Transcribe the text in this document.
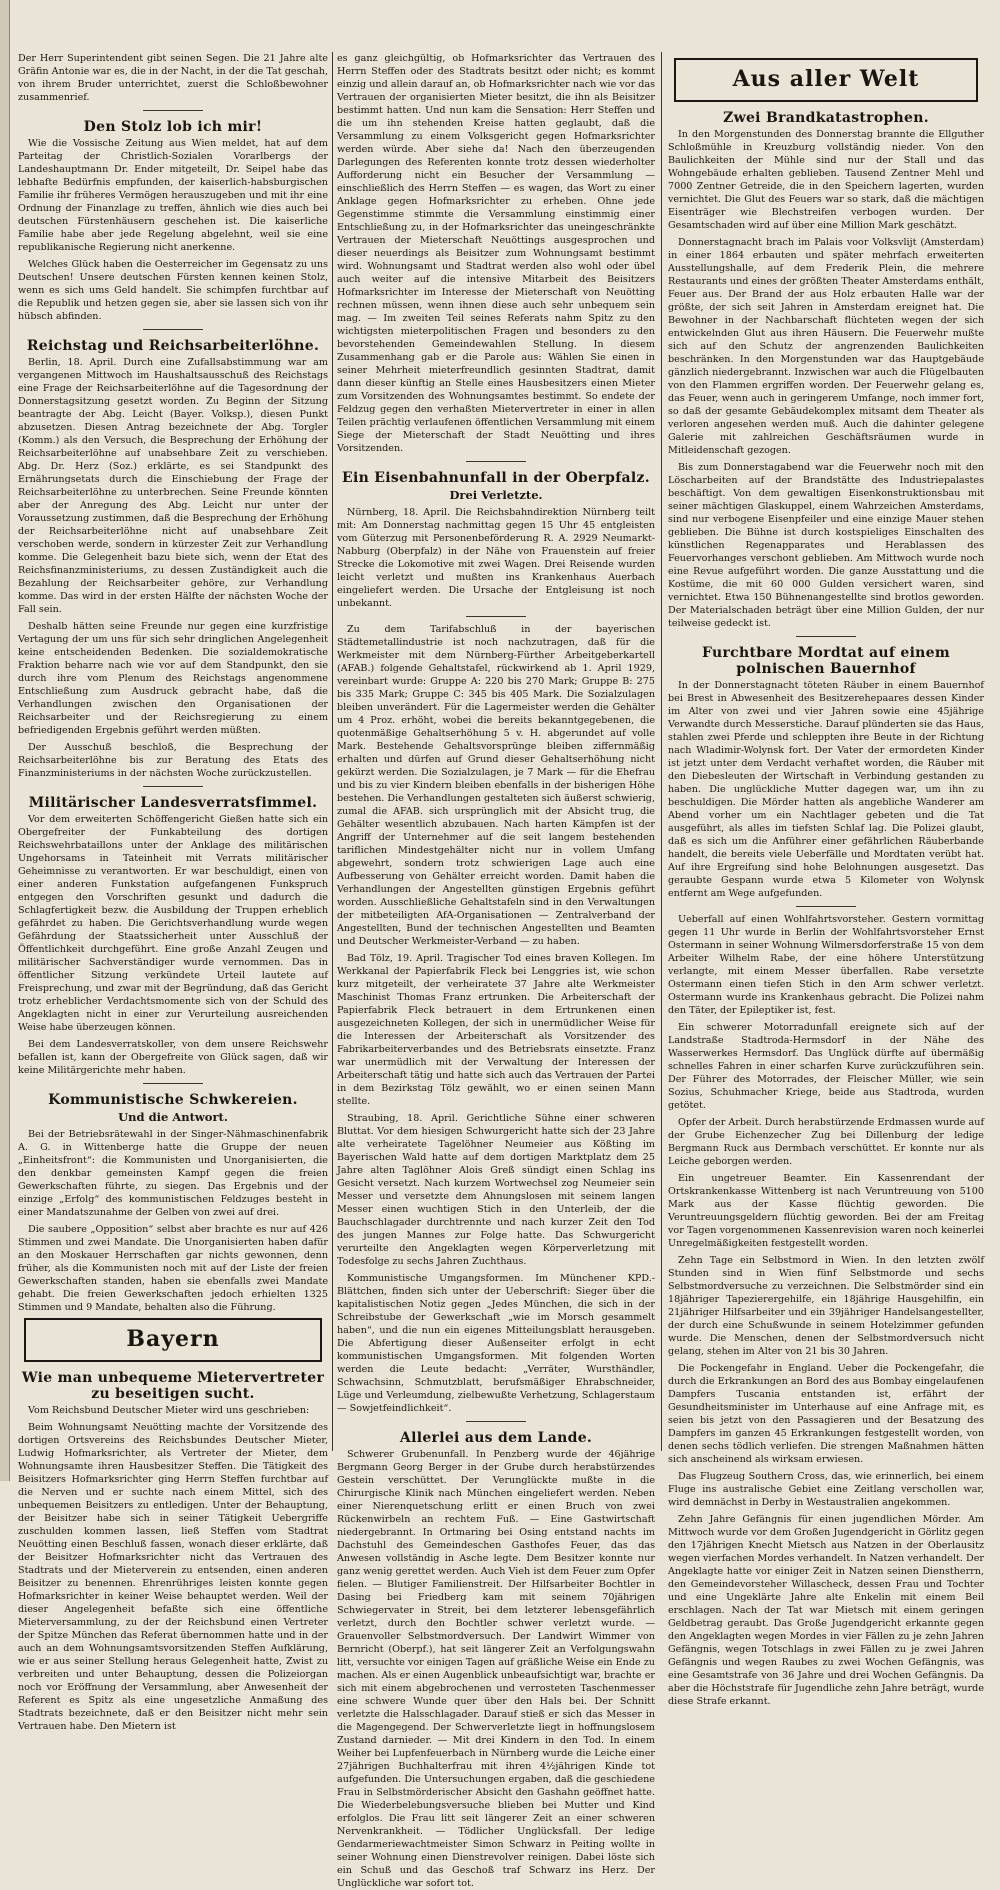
Der Herr Superintendent gibt seinen Segen. Die 21 Jahre alte Gräfin Antonie war es, die in der Nacht, in der die Tat geschah, von ihrem Bruder unterrichtet, zuerst die Schloßbewohner zusammenrief.

Den Stolz lob ich mir!

Wie die Vossische Zeitung aus Wien meldet, hat auf dem Parteitag der Christlich-Sozialen Vorarlbergs der Landeshauptmann Dr. Ender mitgeteilt, Dr. Seipel habe das lebhafte Bedürfnis empfunden, der kaiserlich-habsburgischen Familie ihr früheres Vermögen herauszugeben und mit ihr eine Ordnung der Finanzlage zu treffen, ähnlich wie dies auch bei deutschen Fürstenhäusern geschehen ist. Die kaiserliche Familie habe aber jede Regelung abgelehnt, weil sie eine republikanische Regierung nicht anerkenne.

Welches Glück haben die Oesterreicher im Gegensatz zu uns Deutschen! Unsere deutschen Fürsten kennen keinen Stolz, wenn es sich ums Geld handelt. Sie schimpfen furchtbar auf die Republik und hetzen gegen sie, aber sie lassen sich von ihr hübsch abfinden.

Reichstag und Reichsarbeiterlöhne.

Berlin, 18. April. Durch eine Zufallsabstimmung war am vergangenen Mittwoch im Haushaltsausschuß des Reichstags eine Frage der Reichsarbeiterlöhne auf die Tagesordnung der Donnerstagsitzung gesetzt worden. Zu Beginn der Sitzung beantragte der Abg. Leicht (Bayer. Volksp.), diesen Punkt abzusetzen. Diesen Antrag bezeichnete der Abg. Torgler (Komm.) als den Versuch, die Besprechung der Erhöhung der Reichsarbeiterlöhne auf unabsehbare Zeit zu verschieben. Abg. Dr. Herz (Soz.) erklärte, es sei Standpunkt des Ernährungsetats durch die Einschiebung der Frage der Reichsarbeiterlöhne zu unterbrechen. Seine Freunde könnten aber der Anregung des Abg. Leicht nur unter der Voraussetzung zustimmen, daß die Besprechung der Erhöhung der Reichsarbeiterlöhne nicht auf unabsehbare Zeit verschoben werde, sondern in kürzester Zeit zur Verhandlung komme. Die Gelegenheit bazu biete sich, wenn der Etat des Reichsfinanzministeriums, zu dessen Zuständigkeit auch die Bezahlung der Reichsarbeiter gehöre, zur Verhandlung komme. Das wird in der ersten Hälfte der nächsten Woche der Fall sein.

Deshalb hätten seine Freunde nur gegen eine kurzfristige Vertagung der um uns für sich sehr dringlichen Angelegenheit keine entscheidenden Bedenken. Die sozialdemokratische Fraktion beharre nach wie vor auf dem Standpunkt, den sie durch ihre vom Plenum des Reichstags angenommene Entschließung zum Ausdruck gebracht habe, daß die Verhandlungen zwischen den Organisationen der Reichsarbeiter und der Reichsregierung zu einem befriedigenden Ergebnis geführt werden müßten.

Der Ausschuß beschloß, die Besprechung der Reichsarbeiterlöhne bis zur Beratung des Etats des Finanzministeriums in der nächsten Woche zurückzustellen.

Militärischer Landesverratsfimmel.

Vor dem erweiterten Schöffengericht Gießen hatte sich ein Obergefreiter der Funkabteilung des dortigen Reichswehrbataillons unter der Anklage des militärischen Ungehorsams in Tateinheit mit Verrats militärischer Geheimnisse zu verantworten. Er war beschuldigt, einen von einer anderen Funkstation aufgefangenen Funkspruch entgegen den Vorschriften gesunkt und dadurch die Schlagfertigkeit bezw. die Ausbildung der Truppen erheblich gefährdet zu haben. Die Gerichtsverhandlung wurde wegen Gefährdung der Staatssicherheit unter Ausschluß der Öffentlichkeit durchgeführt. Eine große Anzahl Zeugen und militärischer Sachverständiger wurde vernommen. Das in öffentlicher Sitzung verkündete Urteil lautete auf Freisprechung, und zwar mit der Begründung, daß das Gericht trotz erheblicher Verdachtsmomente sich von der Schuld des Angeklagten nicht in einer zur Verurteilung ausreichenden Weise habe überzeugen können.

Bei dem Landesverratskoller, von dem unsere Reichswehr befallen ist, kann der Obergefreite von Glück sagen, daß wir keine Militärgerichte mehr haben.

Kommunistische Schwkereien.
Und die Antwort.

Bei der Betriebsrätewahl in der Singer-Nähmaschinenfabrik A. G. in Wittenberge hatte die Gruppe der neuen „Einheitsfront“: die Kommunisten und Unorganisierten, die den denkbar gemeinsten Kampf gegen die freien Gewerkschaften führte, zu siegen. Das Ergebnis und der einzige „Erfolg“ des kommunistischen Feldzuges besteht in einer Mandatszunahme der Gelben von zwei auf drei.

Die saubere „Opposition“ selbst aber brachte es nur auf 426 Stimmen und zwei Mandate. Die Unorganisierten haben dafür an den Moskauer Herrschaften gar nichts gewonnen, denn früher, als die Kommunisten noch mit auf der Liste der freien Gewerkschaften standen, haben sie ebenfalls zwei Mandate gehabt. Die freien Gewerkschaften jedoch erhielten 1325 Stimmen und 9 Mandate, behalten also die Führung.

Bayern
Wie man unbequeme Mietervertreter zu beseitigen sucht.

Vom Reichsbund Deutscher Mieter wird uns geschrieben:

Beim Wohnungsamt Neuötting machte der Vorsitzende des dortigen Ortsvereins des Reichsbundes Deutscher Mieter, Ludwig Hofmarksrichter, als Vertreter der Mieter, dem Wohnungsamte ihren Hausbesitzer Steffen. Die Tätigkeit des Beisitzers Hofmarksrichter ging Herrn Steffen furchtbar auf die Nerven und er suchte nach einem Mittel, sich des unbequemen Beisitzers zu entledigen. Unter der Behauptung, der Beisitzer habe sich in seiner Tätigkeit Uebergriffe zuschulden kommen lassen, ließ Steffen vom Stadtrat Neuötting einen Beschluß fassen, wonach dieser erklärte, daß der Beisitzer Hofmarksrichter nicht das Vertrauen des Stadtrats und der Mieterverein zu entsenden, einen anderen Beisitzer zu benennen. Ehrenrühriges leisten konnte gegen Hofmarksrichter in keiner Weise behauptet werden. Weil der dieser Angelegenheit befaßte sich eine öffentliche Mieterversammlung, zu der der Reichsbund einen Vertreter der Spitze München das Referat übernommen hatte und in der auch an dem Wohnungsamtsvorsitzenden Steffen Aufklärung, wie er aus seiner Stellung heraus Gelegenheit hatte, Zwist zu verbreiten und unter Behauptung, dessen die Polizeiorgan noch vor Eröffnung der Versammlung, aber Anwesenheit der Referent es Spitz als eine ungesetzliche Anmaßung des Stadtrats bezeichnete, daß er den Beisitzer nicht mehr sein Vertrauen habe. Den Mietern ist

es ganz gleichgültig, ob Hofmarksrichter das Vertrauen des Herrn Steffen oder des Stadtrats besitzt oder nicht; es kommt einzig und allein darauf an, ob Hofmarksrichter nach wie vor das Vertrauen der organisierten Mieter besitzt, die ihn als Beisitzer bestimmt hatten. Und nun kam die Sensation: Herr Steffen und die um ihn stehenden Kreise hatten geglaubt, daß die Versammlung zu einem Volksgericht gegen Hofmarksrichter werden würde. Aber siehe da! Nach den überzeugenden Darlegungen des Referenten konnte trotz dessen wiederholter Aufforderung nicht ein Besucher der Versammlung — einschließlich des Herrn Steffen — es wagen, das Wort zu einer Anklage gegen Hofmarksrichter zu erheben. Ohne jede Gegenstimme stimmte die Versammlung einstimmig einer Entschließung zu, in der Hofmarksrichter das uneingeschränkte Vertrauen der Mieterschaft Neuöttings ausgesprochen und dieser neuerdings als Beisitzer zum Wohnungsamt bestimmt wird. Wohnungsamt und Stadtrat werden also wohl oder übel auch weiter auf die intensive Mitarbeit des Beisitzers Hofmarksrichter im Interesse der Mieterschaft von Neuötting rechnen müssen, wenn ihnen diese auch sehr unbequem sein mag. — Im zweiten Teil seines Referats nahm Spitz zu den wichtigsten mieterpolitischen Fragen und besonders zu den bevorstehenden Gemeindewahlen Stellung. In diesem Zusammenhang gab er die Parole aus: Wählen Sie einen in seiner Mehrheit mieterfreundlich gesinnten Stadtrat, damit dann dieser künftig an Stelle eines Hausbesitzers einen Mieter zum Vorsitzenden des Wohnungsamtes bestimmt. So endete der Feldzug gegen den verhaßten Mietervertreter in einer in allen Teilen prächtig verlaufenen öffentlichen Versammlung mit einem Siege der Mieterschaft der Stadt Neuötting und ihres Vorsitzenden.

Ein Eisenbahnunfall in der Oberpfalz.
Drei Verletzte.

Nürnberg, 18. April. Die Reichsbahndirektion Nürnberg teilt mit: Am Donnerstag nachmittag gegen 15 Uhr 45 entgleisten vom Güterzug mit Personenbeförderung R. A. 2929 Neumarkt-Nabburg (Oberpfalz) in der Nähe von Frauenstein auf freier Strecke die Lokomotive mit zwei Wagen. Drei Reisende wurden leicht verletzt und mußten ins Krankenhaus Auerbach eingeliefert werden. Die Ursache der Entgleisung ist noch unbekannt.

Zu dem Tarifabschluß in der bayerischen Städtemetallindustrie ist noch nachzutragen, daß für die Werkmeister mit dem Nürnberg-Fürther Arbeitgeberkartell (AFAB.) folgende Gehaltstafel, rückwirkend ab 1. April 1929, vereinbart wurde: Gruppe A: 220 bis 270 Mark; Gruppe B: 275 bis 335 Mark; Gruppe C: 345 bis 405 Mark. Die Sozialzulagen bleiben unverändert. Für die Lagermeister werden die Gehälter um 4 Proz. erhöht, wobei die bereits bekanntgegebenen, die quotenmäßige Gehaltserhöhung 5 v. H. abgerundet auf volle Mark. Bestehende Gehaltsvorsprünge bleiben ziffernmäßig erhalten und dürfen auf Grund dieser Gehaltserhöhung nicht gekürzt werden. Die Sozialzulagen, je 7 Mark — für die Ehefrau und bis zu vier Kindern bleiben ebenfalls in der bisherigen Höhe bestehen. Die Verhandlungen gestalteten sich äußerst schwierig, zumal die AFAB. sich ursprünglich mit der Absicht trug, die Gehälter wesentlich abzubauen. Nach harten Kämpfen ist der Angriff der Unternehmer auf die seit langem bestehenden tariflichen Mindestgehälter nicht nur in vollem Umfang abgewehrt, sondern trotz schwierigen Lage auch eine Aufbesserung von Gehälter erreicht worden. Damit haben die Verhandlungen der Angestellten günstigen Ergebnis geführt worden. Ausschließliche Gehaltstafeln sind in den Verwaltungen der mitbeteiligten AfA-Organisationen — Zentralverband der Angestellten, Bund der technischen Angestellten und Beamten und Deutscher Werkmeister-Verband — zu haben.

Bad Tölz, 19. April. Tragischer Tod eines braven Kollegen. Im Werkkanal der Papierfabrik Fleck bei Lenggries ist, wie schon kurz mitgeteilt, der verheiratete 37 Jahre alte Werkmeister Maschinist Thomas Franz ertrunken. Die Arbeiterschaft der Papierfabrik Fleck betrauert in dem Ertrunkenen einen ausgezeichneten Kollegen, der sich in unermüdlicher Weise für die Interessen der Arbeiterschaft als Vorsitzender des Fabrikarbeiterverbandes und des Betriebsrats einsetzte. Franz war unermüdlich mit der Verwaltung der Interessen der Arbeiterschaft tätig und hatte sich auch das Vertrauen der Partei in dem Bezirkstag Tölz gewählt, wo er einen seinen Mann stellte.

Straubing, 18. April. Gerichtliche Sühne einer schweren Bluttat. Vor dem hiesigen Schwurgericht hatte sich der 23 Jahre alte verheiratete Tagelöhner Neumeier aus Kößting im Bayerischen Wald hatte auf dem dortigen Marktplatz dem 25 Jahre alten Taglöhner Alois Greß sündigt einen Schlag ins Gesicht versetzt. Nach kurzem Wortwechsel zog Neumeier sein Messer und versetzte dem Ahnungslosen mit seinem langen Messer einen wuchtigen Stich in den Unterleib, der die Bauchschlagader durchtrennte und nach kurzer Zeit den Tod des jungen Mannes zur Folge hatte. Das Schwurgericht verurteilte den Angeklagten wegen Körperverletzung mit Todesfolge zu sechs Jahren Zuchthaus.

Kommunistische Umgangsformen. Im Münchener KPD.-Blättchen, finden sich unter der Ueberschrift: Sieger über die kapitalistischen Notiz gegen „Jedes München, die sich in der Schreibstube der Gewerkschaft „wie im Morsch gesammelt haben“, und die nun ein eigenes Mitteilungsblatt herausgeben. Die Abfertigung dieser Außenseiter erfolgt in echt kommunistischen Umgangsformen. Mit folgenden Worten werden die Leute bedacht: „Verräter, Wursthändler, Schwachsinn, Schmutzblatt, berufsmäßiger Ehrabschneider, Lüge und Verleumdung, zielbewußte Verhetzung, Schlagerstaum — Sowjetfeindlichkeit“.

Allerlei aus dem Lande.

Schwerer Grubenunfall. In Penzberg wurde der 46jährige Bergmann Georg Berger in der Grube durch herabstürzendes Gestein verschüttet. Der Verunglückte mußte in die Chirurgische Klinik nach München eingeliefert werden. Neben einer Nierenquetschung erlitt er einen Bruch von zwei Rückenwirbeln an rechtem Fuß. — Eine Gastwirtschaft niedergebrannt. In Ortmaring bei Osing entstand nachts im Dachstuhl des Gemeindeschen Gasthofes Feuer, das das Anwesen vollständig in Asche legte. Dem Besitzer konnte nur ganz wenig gerettet werden. Auch Vieh ist dem Feuer zum Opfer fielen. — Blutiger Familienstreit. Der Hilfsarbeiter Bochtler in Dasing bei Friedberg kam mit seinem 70jährigen Schwiegervater in Streit, bei dem letzterer lebensgefährlich verletzt, durch den Bochtler schwer verletzt wurde. — Grauenvoller Selbstmordversuch. Der Landwirt Wimmer von Bernricht (Oberpf.), hat seit längerer Zeit an Verfolgungswahn litt, versuchte vor einigen Tagen auf gräßliche Weise ein Ende zu machen. Als er einen Augenblick unbeaufsichtigt war, brachte er sich mit einem abgebrochenen und verrosteten Taschenmesser eine schwere Wunde quer über den Hals bei. Der Schnitt verletzte die Halsschlagader. Darauf stieß er sich das Messer in die Magengegend. Der Schwerverletzte liegt in hoffnungslosem Zustand darnieder. — Mit drei Kindern in den Tod. In einem Weiher bei Lupfenfeuerbach in Nürnberg wurde die Leiche einer 27jährigen Buchhalterfrau mit ihren 4½jährigen Kinde tot aufgefunden. Die Untersuchungen ergaben, daß die geschiedene Frau in Selbstmörderischer Absicht den Gashahn geöffnet hatte. Die Wiederbelebungsversuche blieben bei Mutter und Kind erfolglos. Die Frau litt seit längerer Zeit an einer schweren Nervenkrankheit. — Tödlicher Unglücksfall. Der ledige Gendarmeriewachtmeister Simon Schwarz in Peiting wollte in seiner Wohnung einen Dienstrevolver reinigen. Dabei löste sich ein Schuß und das Geschoß traf Schwarz ins Herz. Der Unglückliche war sofort tot.

Aus aller Welt
Zwei Brandkatastrophen.

In den Morgenstunden des Donnerstag brannte die Ellguther Schloßmühle in Kreuzburg vollständig nieder. Von den Baulichkeiten der Mühle sind nur der Stall und das Wohngebäude erhalten geblieben. Tausend Zentner Mehl und 7000 Zentner Getreide, die in den Speichern lagerten, wurden vernichtet. Die Glut des Feuers war so stark, daß die mächtigen Eisenträger wie Blechstreifen verbogen wurden. Der Gesamtschaden wird auf über eine Million Mark geschätzt.

Donnerstagnacht brach im Palais voor Volksvlijt (Amsterdam) in einer 1864 erbauten und später mehrfach erweiterten Ausstellungshalle, auf dem Frederik Plein, die mehrere Restaurants und eines der größten Theater Amsterdams enthält, Feuer aus. Der Brand der aus Holz erbauten Halle war der größte, der sich seit Jahren in Amsterdam ereignet hat. Die Bewohner in der Nachbarschaft flüchteten wegen der sich entwickelnden Glut aus ihren Häusern. Die Feuerwehr mußte sich auf den Schutz der angrenzenden Baulichkeiten beschränken. In den Morgenstunden war das Hauptgebäude gänzlich niedergebrannt. Inzwischen war auch die Flügelbauten von den Flammen ergriffen worden. Der Feuerwehr gelang es, das Feuer, wenn auch in geringerem Umfange, noch immer fort, so daß der gesamte Gebäudekomplex mitsamt dem Theater als verloren angesehen werden muß. Auch die dahinter gelegene Galerie mit zahlreichen Geschäftsräumen wurde in Mitleidenschaft gezogen.

Bis zum Donnerstagabend war die Feuerwehr noch mit den Löscharbeiten auf der Brandstätte des Industriepalastes beschäftigt. Von dem gewaltigen Eisenkonstruktionsbau mit seiner mächtigen Glaskuppel, einem Wahrzeichen Amsterdams, sind nur verbogene Eisenpfeiler und eine einzige Mauer stehen geblieben. Die Bühne ist durch kostspieliges Einschalten des künstlichen Regenapparates und Herablassen des Feuervorhanges verschont geblieben. Am Mittwoch wurde noch eine Revue aufgeführt worden. Die ganze Ausstattung und die Kostüme, die mit 60 000 Gulden versichert waren, sind vernichtet. Etwa 150 Bühnenangestellte sind brotlos geworden. Der Materialschaden beträgt über eine Million Gulden, der nur teilweise gedeckt ist.

Furchtbare Mordtat auf einem polnischen Bauernhof

In der Donnerstagnacht töteten Räuber in einem Bauernhof bei Brest in Abwesenheit des Besitzerehepaares dessen Kinder im Alter von zwei und vier Jahren sowie eine 45jährige Verwandte durch Messerstiche. Darauf plünderten sie das Haus, stahlen zwei Pferde und schleppten ihre Beute in der Richtung nach Wladimir-Wolynsk fort. Der Vater der ermordeten Kinder ist jetzt unter dem Verdacht verhaftet worden, die Räuber mit den Diebesleuten der Wirtschaft in Verbindung gestanden zu haben. Die unglückliche Mutter dagegen war, um ihn zu beschuldigen. Die Mörder hatten als angebliche Wanderer am Abend vorher um ein Nachtlager gebeten und die Tat ausgeführt, als alles im tiefsten Schlaf lag. Die Polizei glaubt, daß es sich um die Anführer einer gefährlichen Räuberbande handelt, die bereits viele Ueberfälle und Mordtaten verübt hat. Auf ihre Ergreifung sind hohe Belohnungen ausgesetzt. Das geraubte Gespann wurde etwa 5 Kilometer von Wolynsk entfernt am Wege aufgefunden.

Ueberfall auf einen Wohlfahrtsvorsteher. Gestern vormittag gegen 11 Uhr wurde in Berlin der Wohlfahrtsvorsteher Ernst Ostermann in seiner Wohnung Wilmersdorferstraße 15 von dem Arbeiter Wilhelm Rabe, der eine höhere Unterstützung verlangte, mit einem Messer überfallen. Rabe versetzte Ostermann einen tiefen Stich in den Arm schwer verletzt. Ostermann wurde ins Krankenhaus gebracht. Die Polizei nahm den Täter, der Epileptiker ist, fest.

Ein schwerer Motorradunfall ereignete sich auf der Landstraße Stadtroda-Hermsdorf in der Nähe des Wasserwerkes Hermsdorf. Das Unglück dürfte auf übermäßig schnelles Fahren in einer scharfen Kurve zurückzuführen sein. Der Führer des Motorrades, der Fleischer Müller, wie sein Sozius, Schuhmacher Kriege, beide aus Stadtroda, wurden getötet.

Opfer der Arbeit. Durch herabstürzende Erdmassen wurde auf der Grube Eichenzecher Zug bei Dillenburg der ledige Bergmann Ruck aus Dermbach verschüttet. Er konnte nur als Leiche geborgen werden.

Ein ungetreuer Beamter. Ein Kassenrendant der Ortskrankenkasse Wittenberg ist nach Veruntreuung von 5100 Mark aus der Kasse flüchtig geworden. Die Veruntreuungsgeldern flüchtig geworden. Bei der am Freitag vor Tagen vorgenommenen Kassenrevision waren noch keinerlei Unregelmäßigkeiten festgestellt worden.

Zehn Tage ein Selbstmord in Wien. In den letzten zwölf Stunden sind in Wien fünf Selbstmorde und sechs Selbstmordversuche zu verzeichnen. Die Selbstmörder sind ein 18jähriger Tapezierergehilfe, ein 18jährige Hausgehilfin, ein 21jähriger Hilfsarbeiter und ein 39jähriger Handelsangestellter, der durch eine Schußwunde in seinem Hotelzimmer gefunden wurde. Die Menschen, denen der Selbstmordversuch nicht gelang, stehen im Alter von 21 bis 30 Jahren.

Die Pockengefahr in England. Ueber die Pockengefahr, die durch die Erkrankungen an Bord des aus Bombay eingelaufenen Dampfers Tuscania entstanden ist, erfährt der Gesundheitsminister im Unterhause auf eine Anfrage mit, es seien bis jetzt von den Passagieren und der Besatzung des Dampfers im ganzen 45 Erkrankungen festgestellt worden, von denen sechs tödlich verliefen. Die strengen Maßnahmen hätten sich anscheinend als wirksam erwiesen.

Das Flugzeug Southern Cross, das, wie erinnerlich, bei einem Fluge ins australische Gebiet eine Zeitlang verschollen war, wird demnächst in Derby in Westaustralien angekommen.

Zehn Jahre Gefängnis für einen jugendlichen Mörder. Am Mittwoch wurde vor dem Großen Jugendgericht in Görlitz gegen den 17jährigen Knecht Mietsch aus Natzen in der Oberlausitz wegen vierfachen Mordes verhandelt. In Natzen verhandelt. Der Angeklagte hatte vor einiger Zeit in Natzen seinen Dienstherrn, den Gemeindevorsteher Willascheck, dessen Frau und Tochter und eine Ungeklärte Jahre alte Enkelin mit einem Beil erschlagen. Nach der Tat war Mietsch mit einem geringen Geldbetrag geraubt. Das Große Jugendgericht erkannte gegen den Angeklagten wegen Mordes in vier Fällen zu je zehn Jahren Gefängnis, wegen Totschlags in zwei Fällen zu je zwei Jahren Gefängnis und wegen Raubes zu zwei Wochen Gefängnis, was eine Gesamtstrafe von 36 Jahre und drei Wochen Gefängnis. Da aber die Höchststrafe für Jugendliche zehn Jahre beträgt, wurde diese Strafe erkannt.
